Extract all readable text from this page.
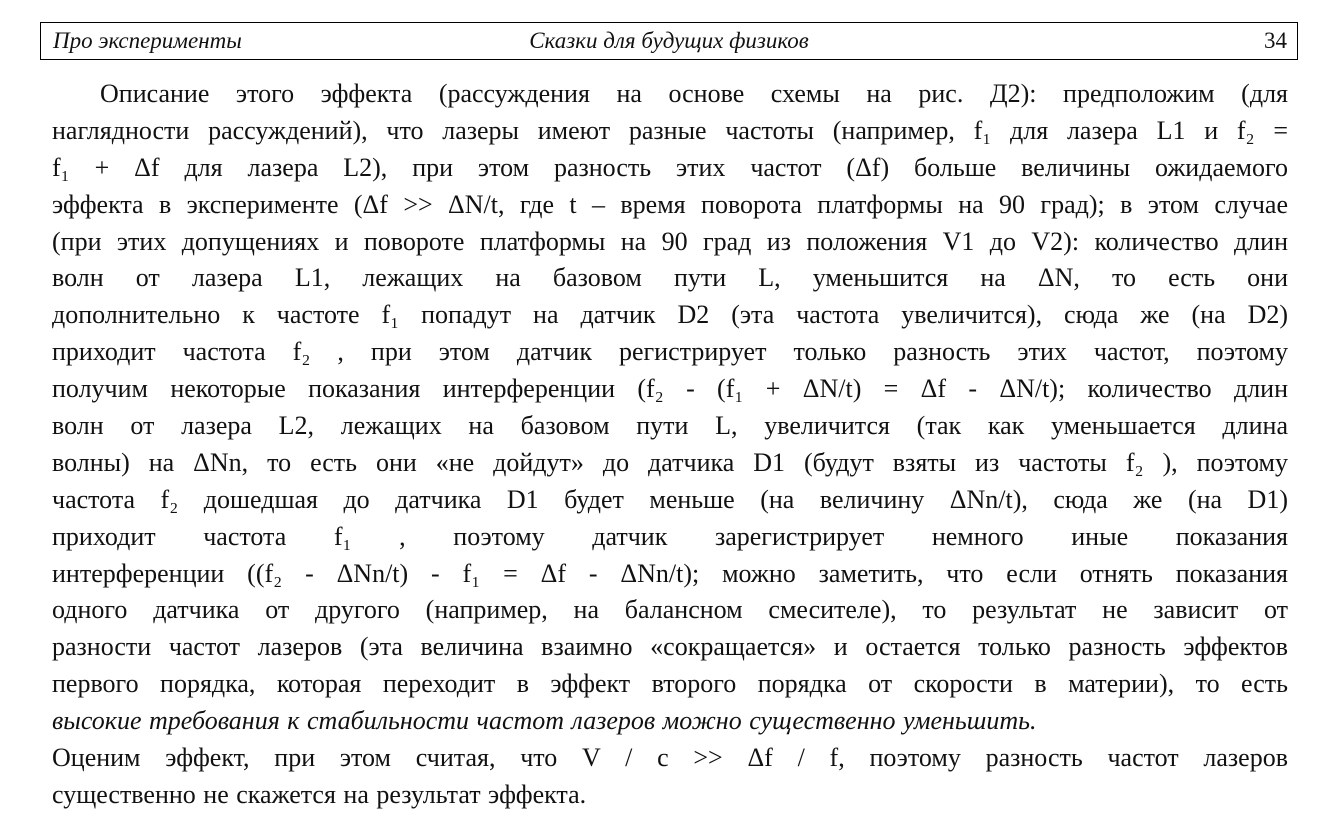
Про эксперименты	Сказки для будущих физиков	34
Описание этого эффекта (рассуждения на основе схемы на рис. Д2): предположим (для
наглядности рассуждений), что лазеры имеют разные частоты (например, f₁ для лазера L1 и f₂ =
f₁ + Δf для лазера L2), при этом разность этих частот (Δf) больше величины ожидаемого
эффекта в эксперименте (Δf >> ΔN/t, где t – время поворота платформы на 90 град); в этом случае
(при этих допущениях и повороте платформы на 90 град из положения V1 до V2): количество длин
волн от лазера L1, лежащих на базовом пути L, уменьшится на ΔN, то есть они
дополнительно к частоте f₁ попадут на датчик D2 (эта частота увеличится), сюда же (на D2)
приходит частота f₂ , при этом датчик регистрирует только разность этих частот, поэтому
получим некоторые показания интерференции (f₂ - (f₁ + ΔN/t) = Δf - ΔN/t); количество длин
волн от лазера L2, лежащих на базовом пути L, увеличится (так как уменьшается длина
волны) на ΔNn, то есть они «не дойдут» до датчика D1 (будут взяты из частоты f₂ ), поэтому
частота f₂ дошедшая до датчика D1 будет меньше (на величину ΔNn/t), сюда же (на D1)
приходит частота f₁ , поэтому датчик зарегистрирует немного иные показания
интерференции ((f₂ - ΔNn/t) - f₁ = Δf - ΔNn/t); можно заметить, что если отнять показания
одного датчика от другого (например, на балансном смесителе), то результат не зависит от
разности частот лазеров (эта величина взаимно «сокращается» и остается только разность эффектов
первого порядка, которая переходит в эффект второго порядка от скорости в материи), то есть
высокие требования к стабильности частот лазеров можно существенно уменьшить.
Оценим эффект, при этом считая, что V / c >> Δf / f, поэтому разность частот лазеров
существенно не скажется на результат эффекта.
